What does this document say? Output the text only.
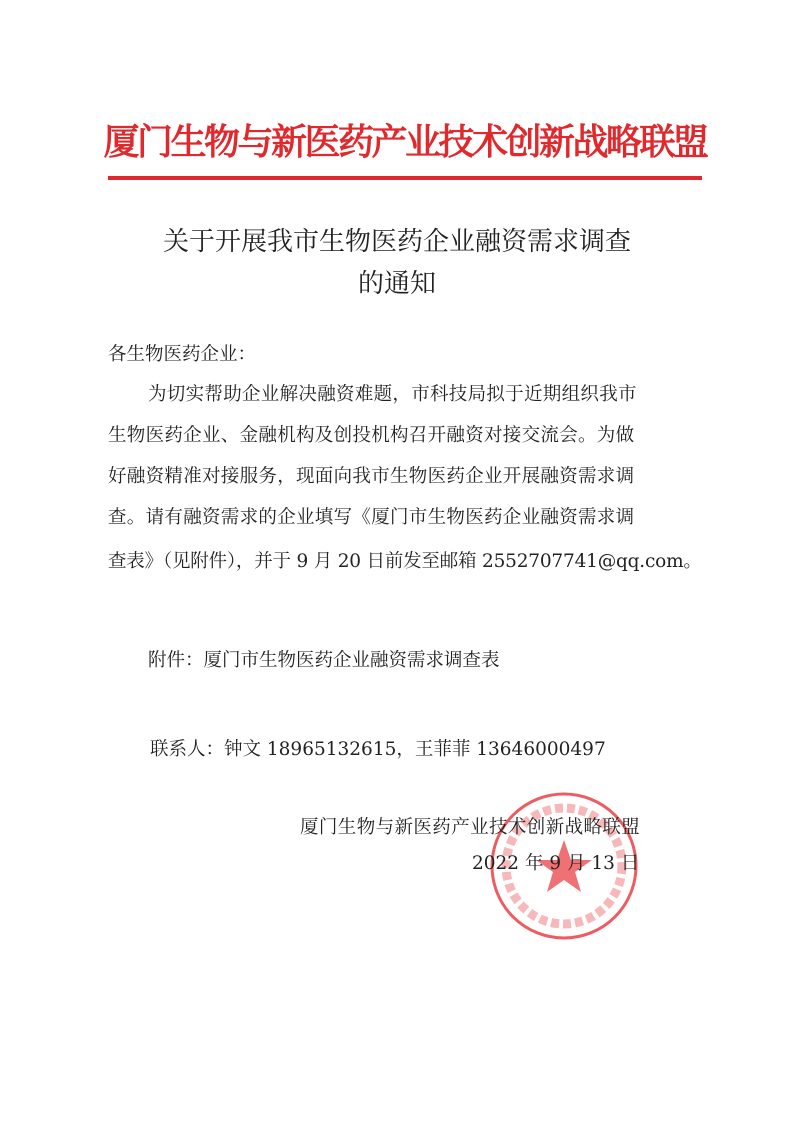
厦门生物与新医药产业技术创新战略联盟
关于开展我市生物医药企业融资需求调查
的通知
各生物医药企业：
为切实帮助企业解决融资难题，市科技局拟于近期组织我市
生物医药企业、金融机构及创投机构召开融资对接交流会。为做
好融资精准对接服务，现面向我市生物医药企业开展融资需求调
查。请有融资需求的企业填写《厦门市生物医药企业融资需求调
查表》（见附件），并于 9 月 20 日前发至邮箱 2552707741@qq.com。
附件：厦门市生物医药企业融资需求调查表
联系人：钟文 18965132615，王菲菲 13646000497
厦门生物与新医药产业技术创新战略联盟
2022 年 9 月 13 日
